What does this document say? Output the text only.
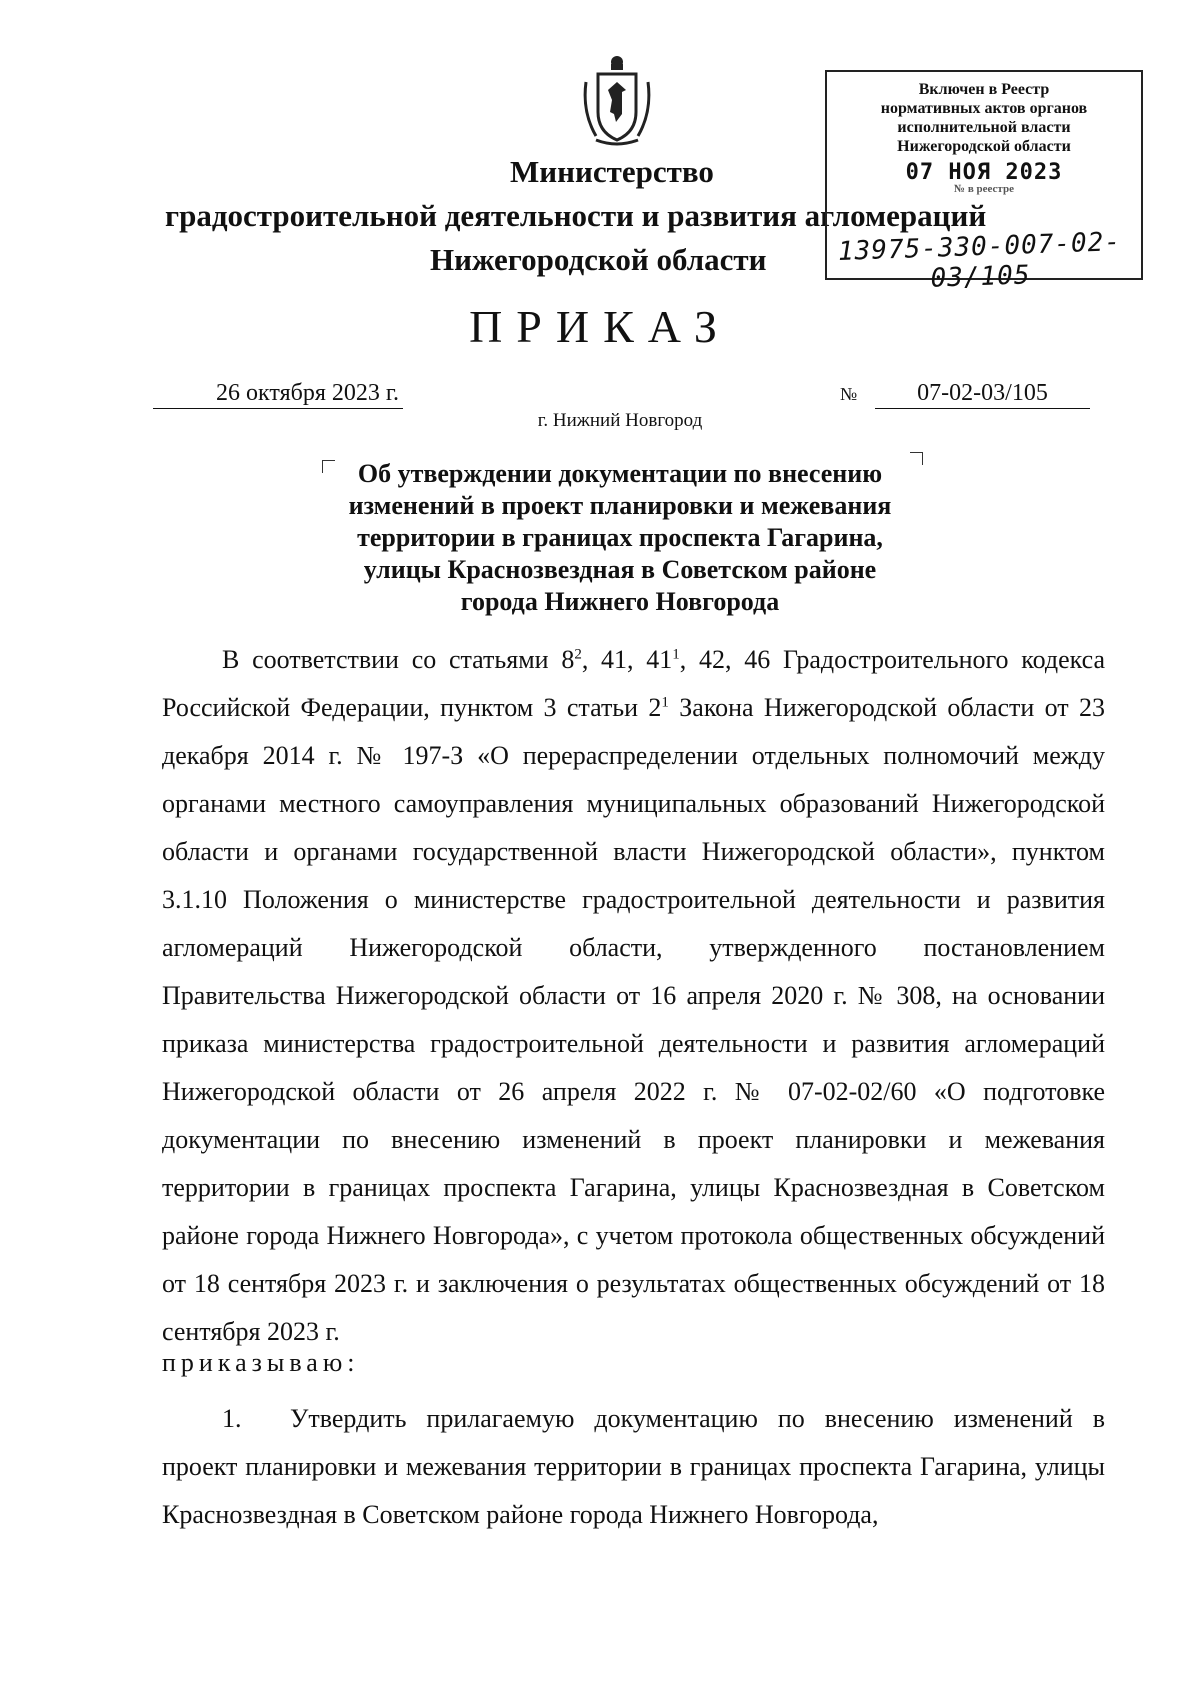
Министерство
градостроительной деятельности и развития агломераций
Нижегородской области
Включен в Реестр
нормативных актов органов
исполнительной власти
Нижегородской области
07 НОЯ 2023
№ в реестре
13975-330-007-02-03/105
ПРИКАЗ
26 октября 2023 г.	№	07-02-03/105
г. Нижний Новгород
Об утверждении документации по внесению
изменений в проект планировки и межевания
территории в границах проспекта Гагарина,
улицы Краснозвездная в Советском районе
города Нижнего Новгорода
В соответствии со статьями $8^2$, 41, $41^1$, 42, 46 Градостроительного кодекса Российской Федерации, пунктом 3 статьи $2^1$ Закона Нижегородской области от 23 декабря 2014 г. № 197-З «О перераспределении отдельных полномочий между органами местного самоуправления муниципальных образований Нижегородской области и органами государственной власти Нижегородской области», пунктом 3.1.10 Положения о министерстве градостроительной деятельности и развития агломераций Нижегородской области, утвержденного постановлением Правительства Нижегородской области от 16 апреля 2020 г. № 308, на основании приказа министерства градостроительной деятельности и развития агломераций Нижегородской области от 26 апреля 2022 г. № 07-02-02/60 «О подготовке документации по внесению изменений в проект планировки и межевания территории в границах проспекта Гагарина, улицы Краснозвездная в Советском районе города Нижнего Новгорода», с учетом протокола общественных обсуждений от 18 сентября 2023 г. и заключения о результатах общественных обсуждений от 18 сентября 2023 г.
приказываю:
1. Утвердить прилагаемую документацию по внесению изменений в проект планировки и межевания территории в границах проспекта Гагарина, улицы Краснозвездная в Советском районе города Нижнего Новгорода,
